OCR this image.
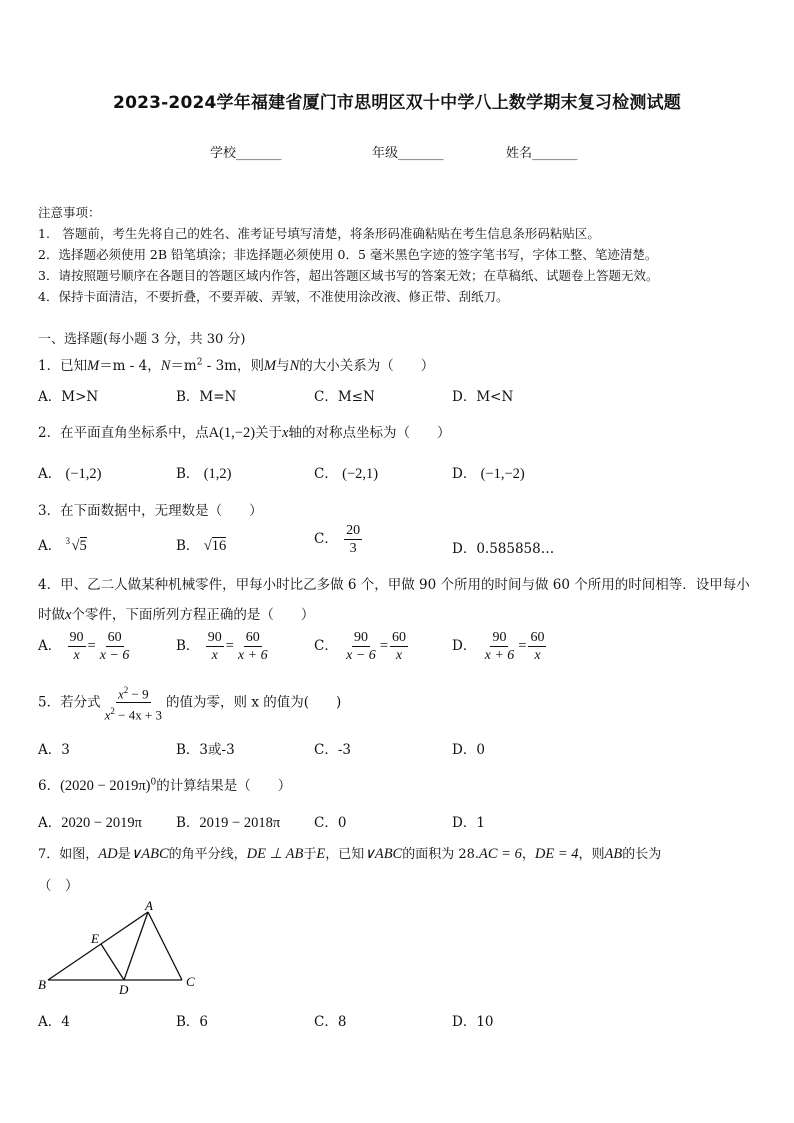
2023-2024学年福建省厦门市思明区双十中学八上数学期末复习检测试题
学校_______	年级_______	姓名_______
注意事项：
1.　答题前，考生先将自己的姓名、准考证号填写清楚，将条形码准确粘贴在考生信息条形码粘贴区。
2．选择题必须使用 2B 铅笔填涂；非选择题必须使用 0．5 毫米黑色字迹的签字笔书写，字体工整、笔迹清楚。
3．请按照题号顺序在各题目的答题区域内作答，超出答题区域书写的答案无效；在草稿纸、试题卷上答题无效。
4．保持卡面清洁，不要折叠，不要弄破、弄皱，不准使用涂改液、修正带、刮纸刀。
一、选择题(每小题 3 分，共 30 分)
1．已知M＝m - 4，$N=m^2 - 3m$，则M与N的大小关系为（　　）
A．M>N	B．M=N	C．M≤N	D．M<N
2．在平面直角坐标系中，点A(1,−2)关于x轴的对称点坐标为（　　）
A． (−1,2)	B． (1,2)	C． (−2,1)	D． (−1,−2)
3．在下面数据中，无理数是（　　）
A． 3 √5	B． √16	C． $\frac{20}{3}$	D．0.585858…
4．甲、乙二人做某种机械零件，甲每小时比乙多做 6 个，甲做 90 个所用的时间与做 60 个所用的时间相等．设甲每小
时做x个零件，下面所列方程正确的是（　　）
A． $\frac{90}{x} = \frac{60}{x - 6}$	B． $\frac{90}{x} = \frac{60}{x + 6}$	C． $\frac{90}{x - 6} = \frac{60}{x}$	D． $\frac{90}{x + 6} = \frac{60}{x}$
5．若分式 $\frac{x^2 - 9}{x^2 - 4x + 3}$ 的值为零，则 x 的值为(　　)
A．3	B．3或-3	C．-3	D．0
6．$(2020 - 2019\pi)^0$的计算结果是（　　）
A．2020 − 2019π	B．2019 − 2018π	C．0	D．1
7．如图，AD是∨ABC的角平分线，DE ⊥ AB于E，已知∨ABC的面积为 28.AC = 6，DE = 4，则AB的长为
（　）
A
B	C
D
E
A．4	B．6	C．8	D．10
